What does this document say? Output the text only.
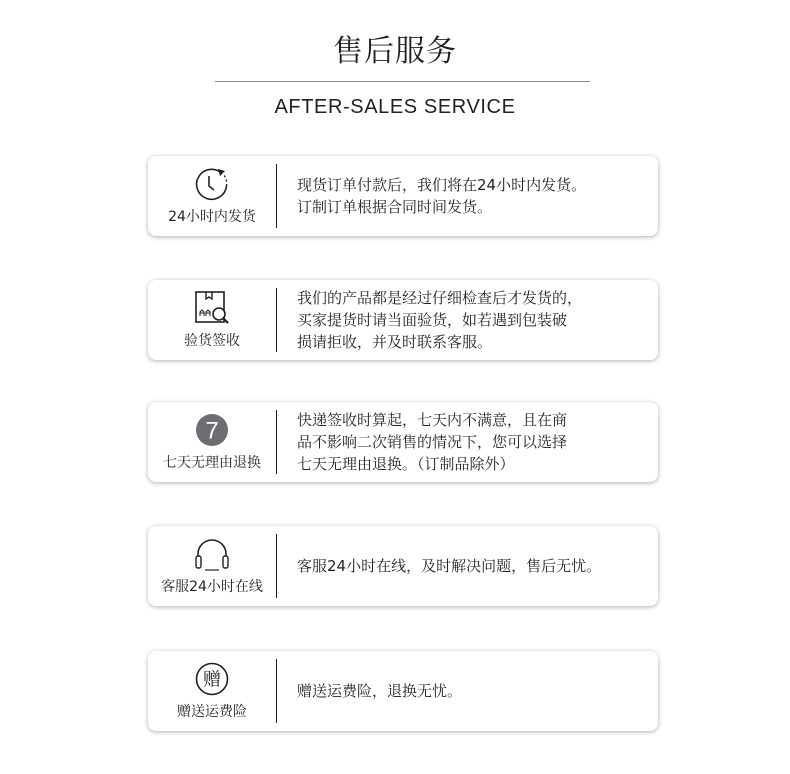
售后服务
AFTER-SALES SERVICE
24小时内发货
现货订单付款后，我们将在24小时内发货。
订制订单根据合同时间发货。
验货签收
我们的产品都是经过仔细检查后才发货的，
买家提货时请当面验货，如若遇到包装破
损请拒收，并及时联系客服。
7
七天无理由退换
快递签收时算起，七天内不满意，且在商
品不影响二次销售的情况下，您可以选择
七天无理由退换。（订制品除外）
客服24小时在线
客服24小时在线，及时解决问题，售后无忧。
赠
赠送运费险
赠送运费险，退换无忧。
